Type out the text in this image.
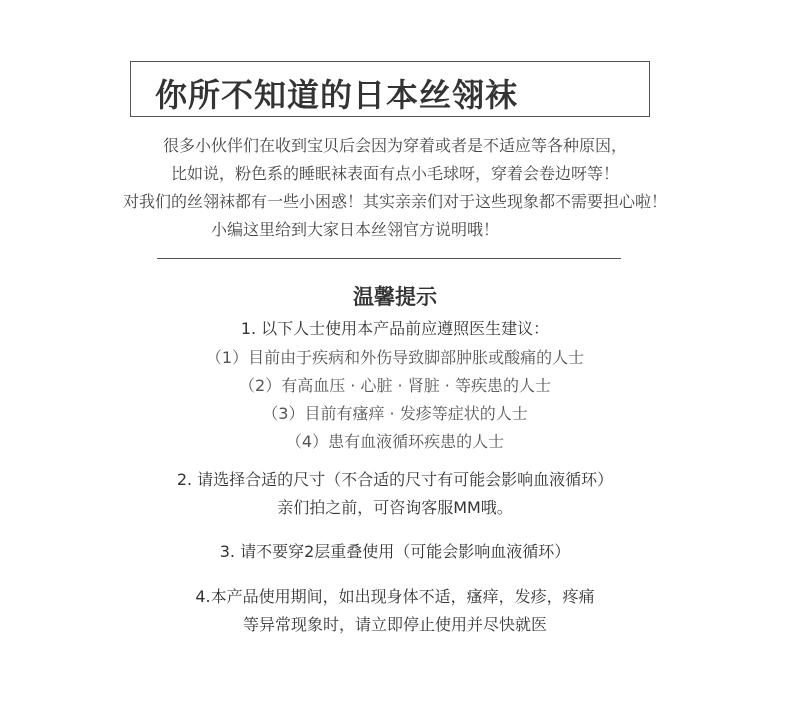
你所不知道的日本丝翎袜
很多小伙伴们在收到宝贝后会因为穿着或者是不适应等各种原因，
比如说，粉色系的睡眠袜表面有点小毛球呀，穿着会卷边呀等！
对我们的丝翎袜都有一些小困惑！其实亲亲们对于这些现象都不需要担心啦！
小编这里给到大家日本丝翎官方说明哦！
温馨提示
1. 以下人士使用本产品前应遵照医生建议：
（1）目前由于疾病和外伤导致脚部肿胀或酸痛的人士
（2）有高血压 · 心脏 · 肾脏 · 等疾患的人士
（3）目前有瘙痒 · 发疹等症状的人士
（4）患有血液循环疾患的人士
2. 请选择合适的尺寸（不合适的尺寸有可能会影响血液循环）
亲们拍之前，可咨询客服MM哦。
3. 请不要穿2层重叠使用（可能会影响血液循环）
4.本产品使用期间，如出现身体不适，瘙痒，发疹，疼痛
等异常现象时，请立即停止使用并尽快就医
